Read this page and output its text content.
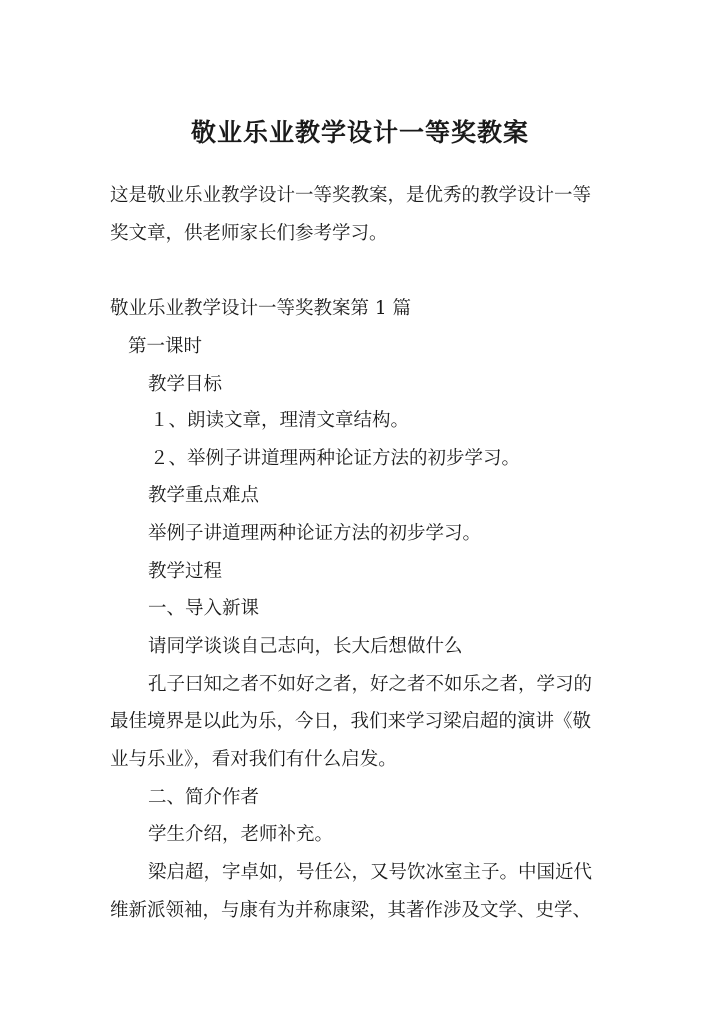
敬业乐业教学设计一等奖教案
这是敬业乐业教学设计一等奖教案，是优秀的教学设计一等
奖文章，供老师家长们参考学习。
敬业乐业教学设计一等奖教案第 1 篇
第一课时
教学目标
１、朗读文章，理清文章结构。
２、举例子讲道理两种论证方法的初步学习。
教学重点难点
举例子讲道理两种论证方法的初步学习。
教学过程
一、导入新课
请同学谈谈自己志向，长大后想做什么
孔子曰知之者不如好之者，好之者不如乐之者，学习的
最佳境界是以此为乐，今日，我们来学习梁启超的演讲《敬
业与乐业》，看对我们有什么启发。
二、简介作者
学生介绍，老师补充。
梁启超，字卓如，号任公，又号饮冰室主子。中国近代
维新派领袖，与康有为并称康梁，其著作涉及文学、史学、
